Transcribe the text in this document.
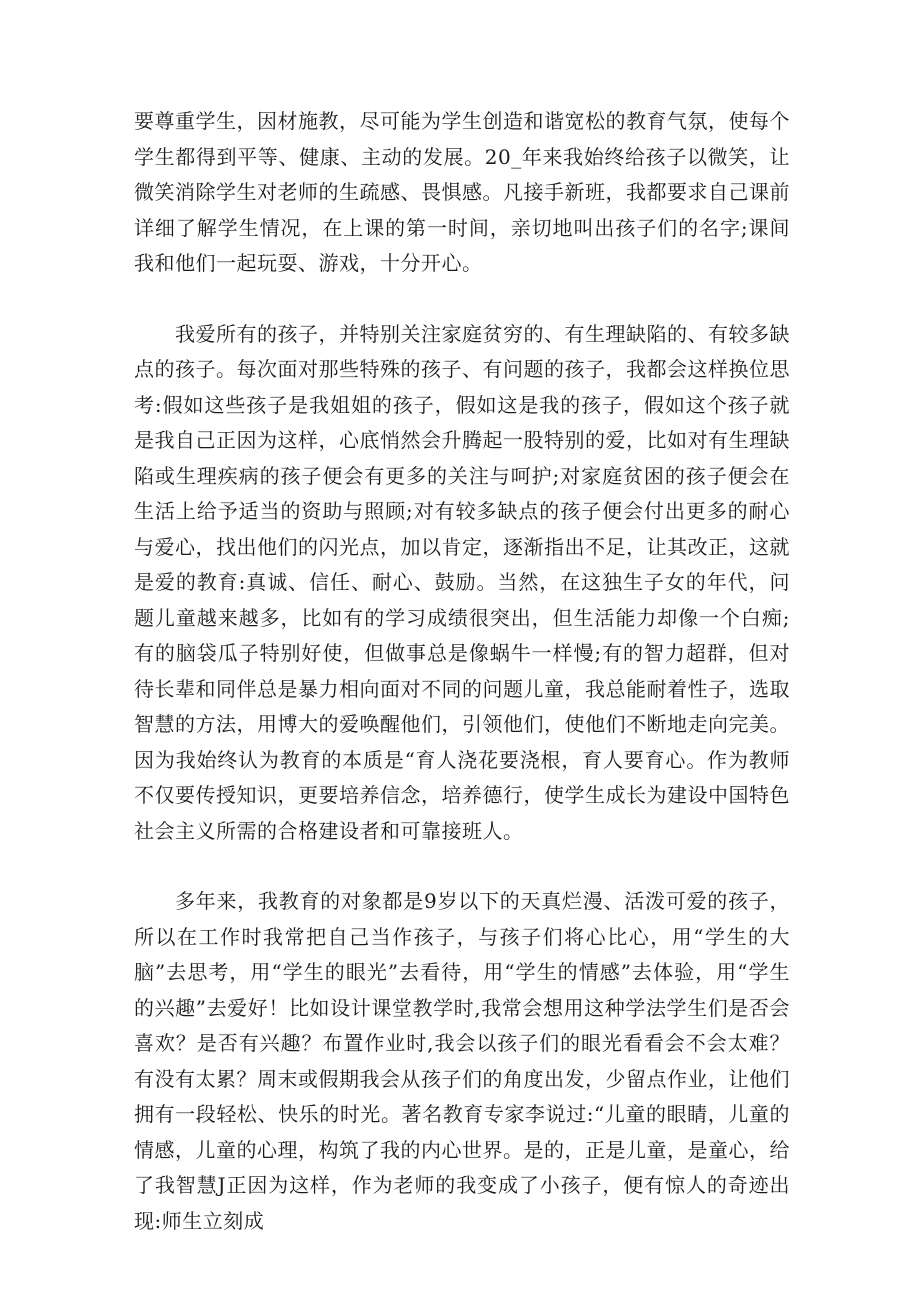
要尊重学生，因材施教，尽可能为学生创造和谐宽松的教育气氛，使每个学生都得到平等、健康、主动的发展。20_年来我始终给孩子以微笑，让微笑消除学生对老师的生疏感、畏惧感。凡接手新班，我都要求自己课前详细了解学生情况，在上课的第一时间，亲切地叫出孩子们的名字;课间我和他们一起玩耍、游戏，十分开心。

我爱所有的孩子，并特别关注家庭贫穷的、有生理缺陷的、有较多缺点的孩子。每次面对那些特殊的孩子、有问题的孩子，我都会这样换位思考:假如这些孩子是我姐姐的孩子，假如这是我的孩子，假如这个孩子就是我自己正因为这样，心底悄然会升腾起一股特别的爱，比如对有生理缺陷或生理疾病的孩子便会有更多的关注与呵护;对家庭贫困的孩子便会在生活上给予适当的资助与照顾;对有较多缺点的孩子便会付出更多的耐心与爱心，找出他们的闪光点，加以肯定，逐渐指出不足，让其改正，这就是爱的教育:真诚、信任、耐心、鼓励。当然，在这独生子女的年代，问题儿童越来越多，比如有的学习成绩很突出，但生活能力却像一个白痴;有的脑袋瓜子特别好使，但做事总是像蜗牛一样慢;有的智力超群，但对待长辈和同伴总是暴力相向面对不同的问题儿童，我总能耐着性子，选取智慧的方法，用博大的爱唤醒他们，引领他们，使他们不断地走向完美。因为我始终认为教育的本质是“育人浇花要浇根，育人要育心。作为教师不仅要传授知识，更要培养信念，培养德行，使学生成长为建设中国特色社会主义所需的合格建设者和可靠接班人。

多年来，我教育的对象都是9岁以下的天真烂漫、活泼可爱的孩子，所以在工作时我常把自己当作孩子，与孩子们将心比心，用“学生的大脑”去思考，用“学生的眼光”去看待，用“学生的情感”去体验，用“学生的兴趣”去爱好！比如设计课堂教学时,我常会想用这种学法学生们是否会喜欢？是否有兴趣？布置作业时,我会以孩子们的眼光看看会不会太难？有没有太累？周末或假期我会从孩子们的角度出发，少留点作业，让他们拥有一段轻松、快乐的时光。著名教育专家李说过:“儿童的眼睛，儿童的情感，儿童的心理，构筑了我的内心世界。是的，正是儿童，是童心，给了我智慧J正因为这样，作为老师的我变成了小孩子，便有惊人的奇迹出现:师生立刻成
